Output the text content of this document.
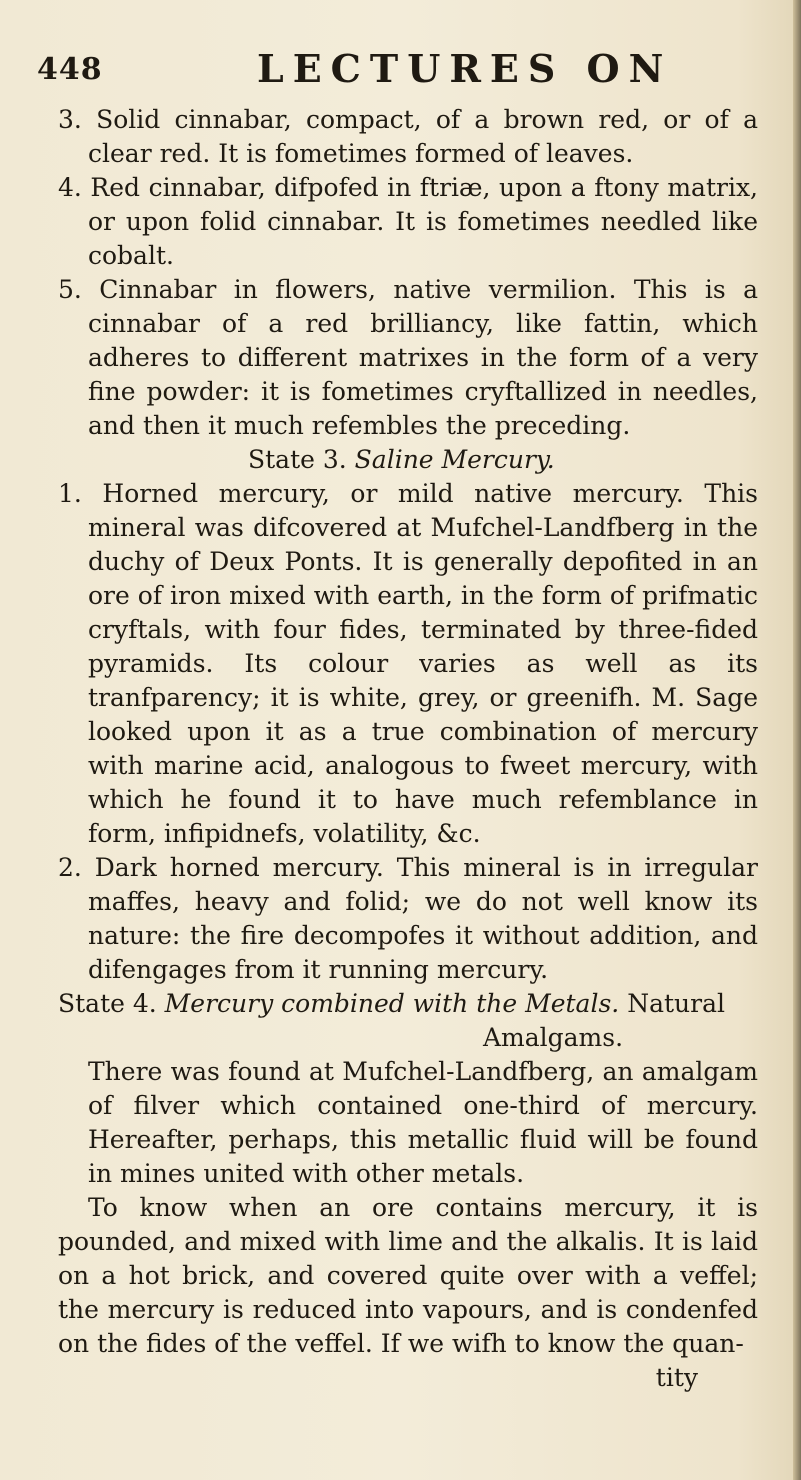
448	LECTURES ON

3. Solid cinnabar, compact, of a brown red, or of a clear red. It is fometimes formed of leaves.

4. Red cinnabar, difpofed in ftriæ, upon a ftony matrix, or upon folid cinnabar. It is fometimes needled like cobalt.

5. Cinnabar in flowers, native vermilion. This is a cinnabar of a red brilliancy, like fattin, which adheres to different matrixes in the form of a very fine powder: it is fometimes cryftallized in needles, and then it much refembles the preceding.

State 3. Saline Mercury.

1. Horned mercury, or mild native mercury. This mineral was difcovered at Mufchel-Landfberg in the duchy of Deux Ponts. It is generally depofited in an ore of iron mixed with earth, in the form of prifmatic cryftals, with four fides, terminated by three-fided pyramids. Its colour varies as well as its tranfparency; it is white, grey, or greenifh. M. Sage looked upon it as a true combination of mercury with marine acid, analogous to fweet mercury, with which he found it to have much refemblance in form, infipidnefs, volatility, &c.

2. Dark horned mercury. This mineral is in irregular maffes, heavy and folid; we do not well know its nature: the fire decompofes it without addition, and difengages from it running mercury.

State 4. Mercury combined with the Metals. Natural
Amalgams.

There was found at Mufchel-Landfberg, an amalgam of filver which contained one-third of mercury. Hereafter, perhaps, this metallic fluid will be found in mines united with other metals.

To know when an ore contains mercury, it is pounded, and mixed with lime and the alkalis. It is laid on a hot brick, and covered quite over with a veffel; the mercury is reduced into vapours, and is condenfed on the fides of the veffel. If we wifh to know the quan-

tity
